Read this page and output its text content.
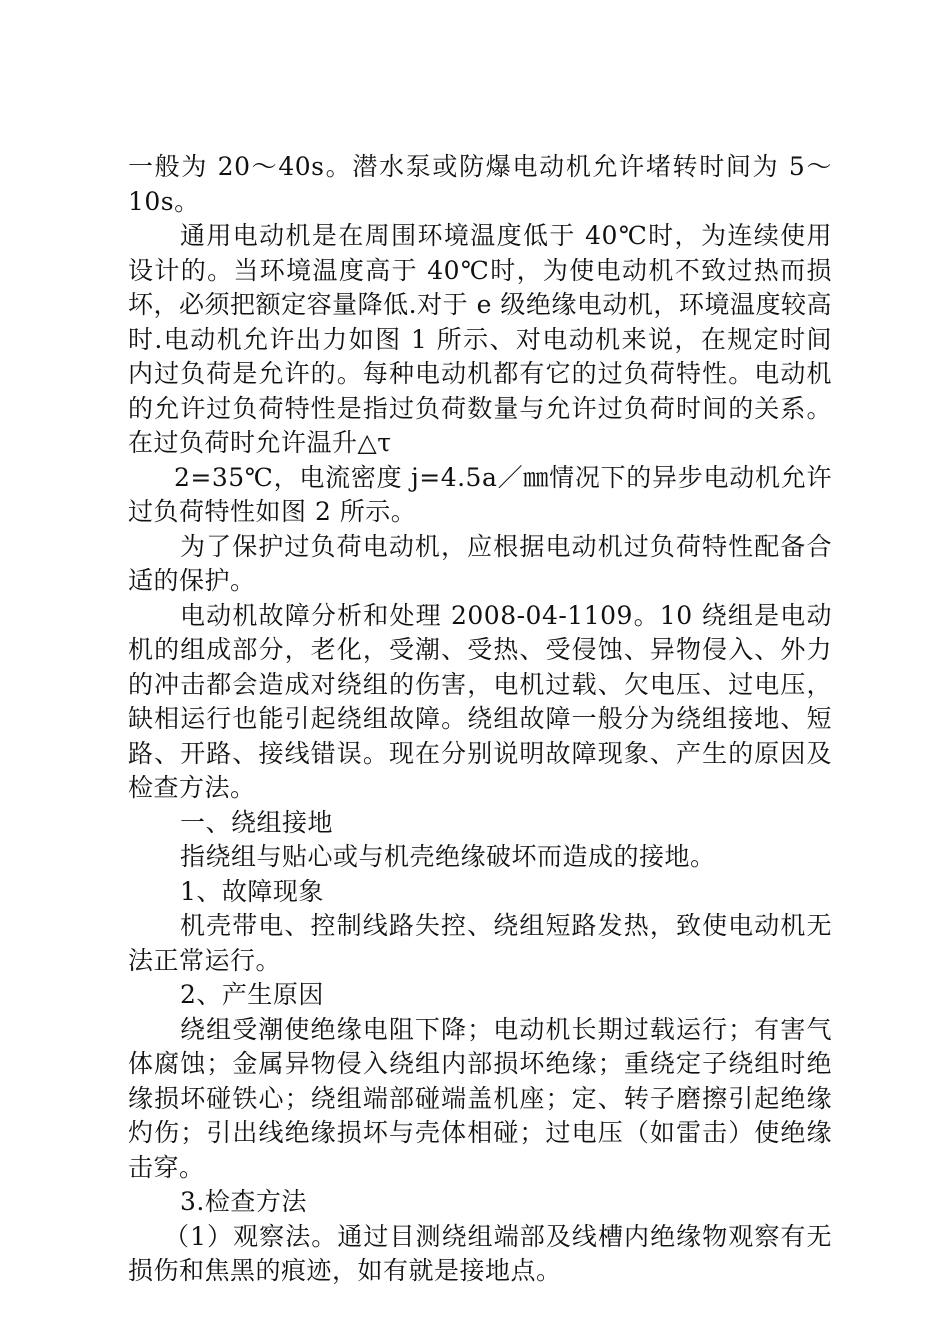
一般为 20～40s。潜水泵或防爆电动机允许堵转时间为 5～10s。

通用电动机是在周围环境温度低于 40℃时，为连续使用设计的。当环境温度高于 40℃时，为使电动机不致过热而损坏，必须把额定容量降低.对于 e 级绝缘电动机，环境温度较高时.电动机允许出力如图 1 所示、对电动机来说，在规定时间内过负荷是允许的。每种电动机都有它的过负荷特性。电动机的允许过负荷特性是指过负荷数量与允许过负荷时间的关系。在过负荷时允许温升△τ

2=35℃，电流密度 j=4.5a／㎜情况下的异步电动机允许过负荷特性如图 2 所示。

为了保护过负荷电动机，应根据电动机过负荷特性配备合适的保护。

电动机故障分析和处理 2008-04-1109。10 绕组是电动机的组成部分，老化，受潮、受热、受侵蚀、异物侵入、外力的冲击都会造成对绕组的伤害，电机过载、欠电压、过电压，缺相运行也能引起绕组故障。绕组故障一般分为绕组接地、短路、开路、接线错误。现在分别说明故障现象、产生的原因及检查方法。

一、绕组接地

指绕组与贴心或与机壳绝缘破坏而造成的接地。

1、故障现象

机壳带电、控制线路失控、绕组短路发热，致使电动机无法正常运行。

2、产生原因

绕组受潮使绝缘电阻下降；电动机长期过载运行；有害气体腐蚀；金属异物侵入绕组内部损坏绝缘；重绕定子绕组时绝缘损坏碰铁心；绕组端部碰端盖机座；定、转子磨擦引起绝缘灼伤；引出线绝缘损坏与壳体相碰；过电压（如雷击）使绝缘击穿。

3.检查方法

（1）观察法。通过目测绕组端部及线槽内绝缘物观察有无损伤和焦黑的痕迹，如有就是接地点。
